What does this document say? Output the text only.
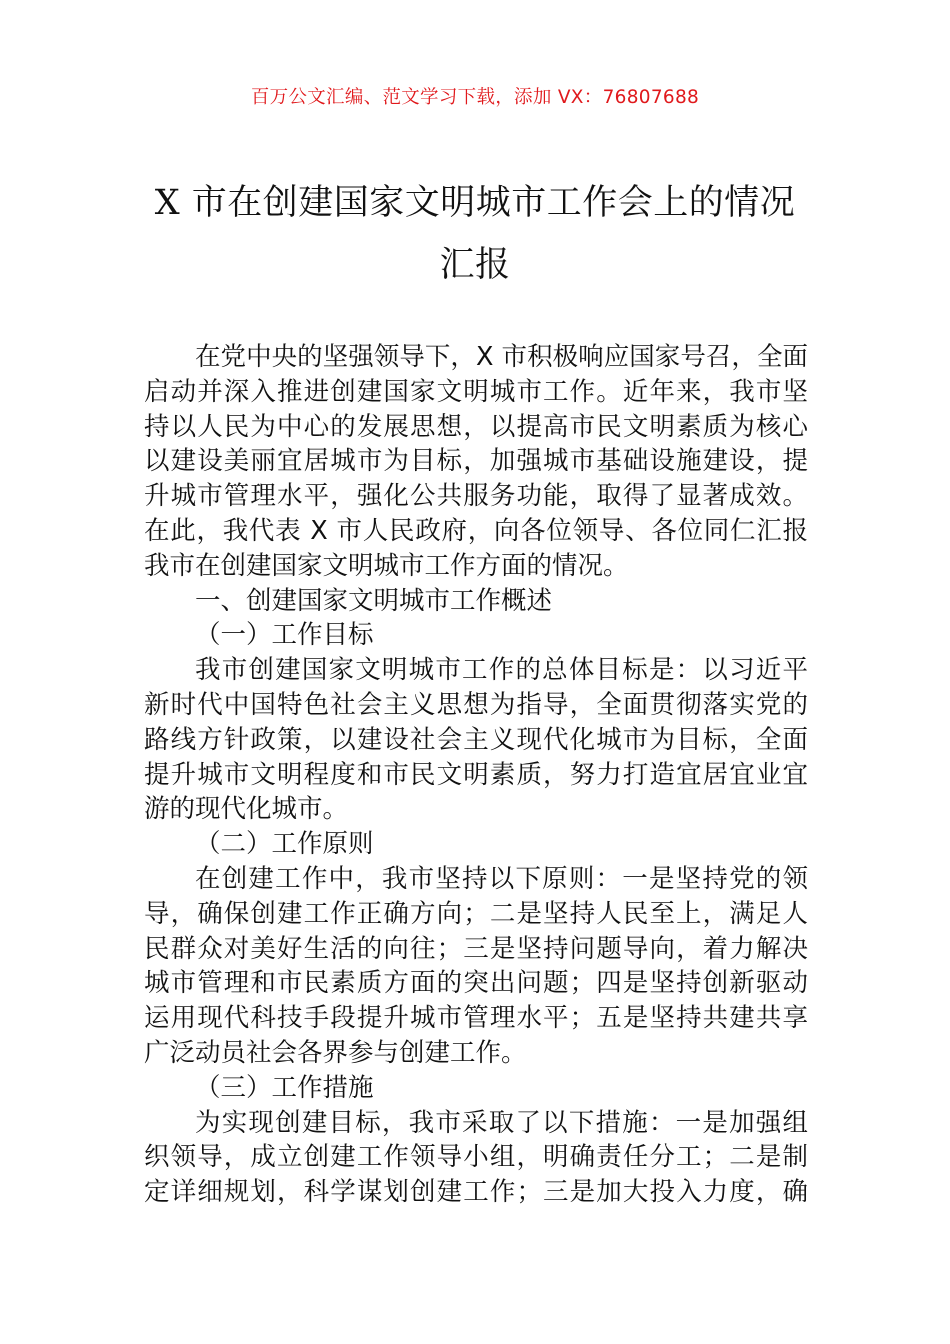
百万公文汇编、范文学习下载，添加 VX：76807688
X 市在创建国家文明城市工作会上的情况
汇报
在党中央的坚强领导下，X 市积极响应国家号召，全面
启动并深入推进创建国家文明城市工作。近年来，我市坚
持以人民为中心的发展思想，以提高市民文明素质为核心
以建设美丽宜居城市为目标，加强城市基础设施建设，提
升城市管理水平，强化公共服务功能，取得了显著成效。
在此，我代表 X 市人民政府，向各位领导、各位同仁汇报
我市在创建国家文明城市工作方面的情况。
一、创建国家文明城市工作概述
（一）工作目标
我市创建国家文明城市工作的总体目标是：以习近平
新时代中国特色社会主义思想为指导，全面贯彻落实党的
路线方针政策，以建设社会主义现代化城市为目标，全面
提升城市文明程度和市民文明素质，努力打造宜居宜业宜
游的现代化城市。
（二）工作原则
在创建工作中，我市坚持以下原则：一是坚持党的领
导，确保创建工作正确方向；二是坚持人民至上，满足人
民群众对美好生活的向往；三是坚持问题导向，着力解决
城市管理和市民素质方面的突出问题；四是坚持创新驱动
运用现代科技手段提升城市管理水平；五是坚持共建共享
广泛动员社会各界参与创建工作。
（三）工作措施
为实现创建目标，我市采取了以下措施：一是加强组
织领导，成立创建工作领导小组，明确责任分工；二是制
定详细规划，科学谋划创建工作；三是加大投入力度，确
